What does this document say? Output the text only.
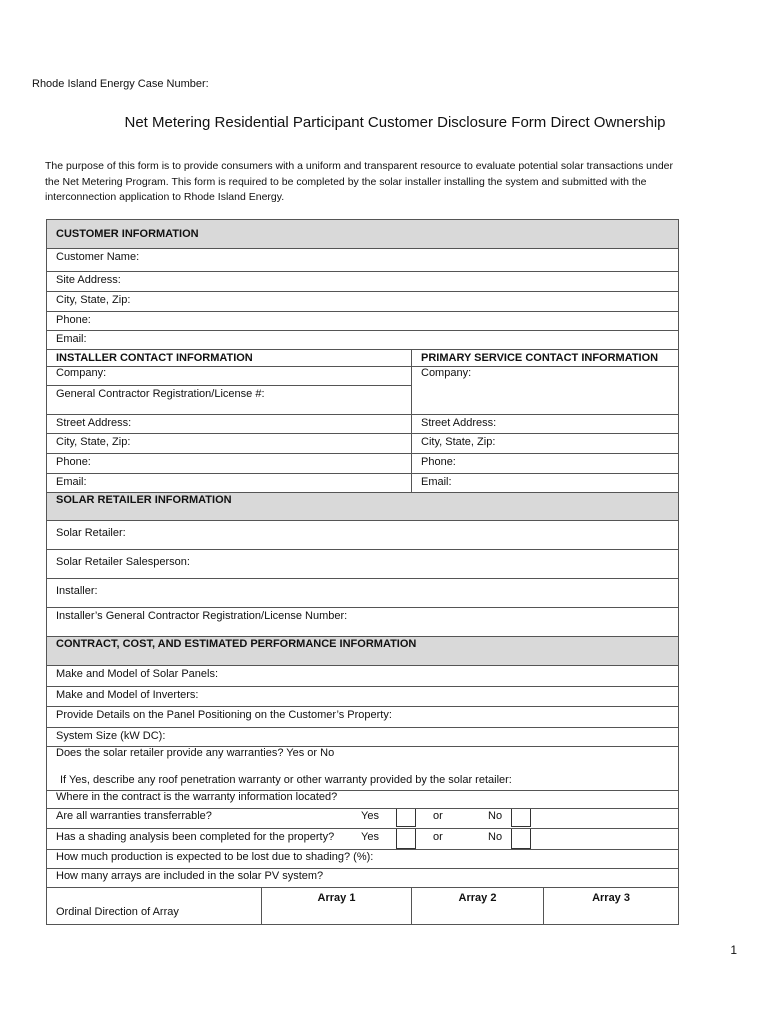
Rhode Island Energy Case Number:
Net Metering Residential Participant Customer Disclosure Form Direct Ownership
The purpose of this form is to provide consumers with a uniform and transparent resource to evaluate potential solar transactions under
the Net Metering Program. This form is required to be completed by the solar installer installing the system and submitted with the
interconnection application to Rhode Island Energy.
CUSTOMER INFORMATION			
Customer Name:			
Site Address:			
City, State, Zip:			
Phone:			
Email:			
INSTALLER CONTACT INFORMATION		PRIMARY SERVICE CONTACT INFORMATION	
Company:		Company:	
General Contractor Registration/License #:			
Street Address:		Street Address:	
City, State, Zip:		City, State, Zip:	
Phone:		Phone:	
Email:		Email:	
SOLAR RETAILER INFORMATION			
Solar Retailer:			
Solar Retailer Salesperson:			
Installer:			
Installer’s General Contractor Registration/License Number:			
CONTRACT, COST, AND ESTIMATED PERFORMANCE INFORMATION			
Make and Model of Solar Panels:			
Make and Model of Inverters:			
Provide Details on the Panel Positioning on the Customer’s Property:			
System Size (kW DC):			

Does the solar retailer provide any warranties? Yes or No
If Yes, describe any roof penetration warranty or other warranty provided by the solar retailer:			

Where in the contract is the warranty information located?			
Are all warranties transferrable? Yes or No			

Has a shading analysis been completed for the property? Yes or No			

How much production is expected to be lost due to shading? (%):			
How many arrays are included in the solar PV system?			
	Array 1	Array 2	Array 3
Ordinal Direction of Array			
1
